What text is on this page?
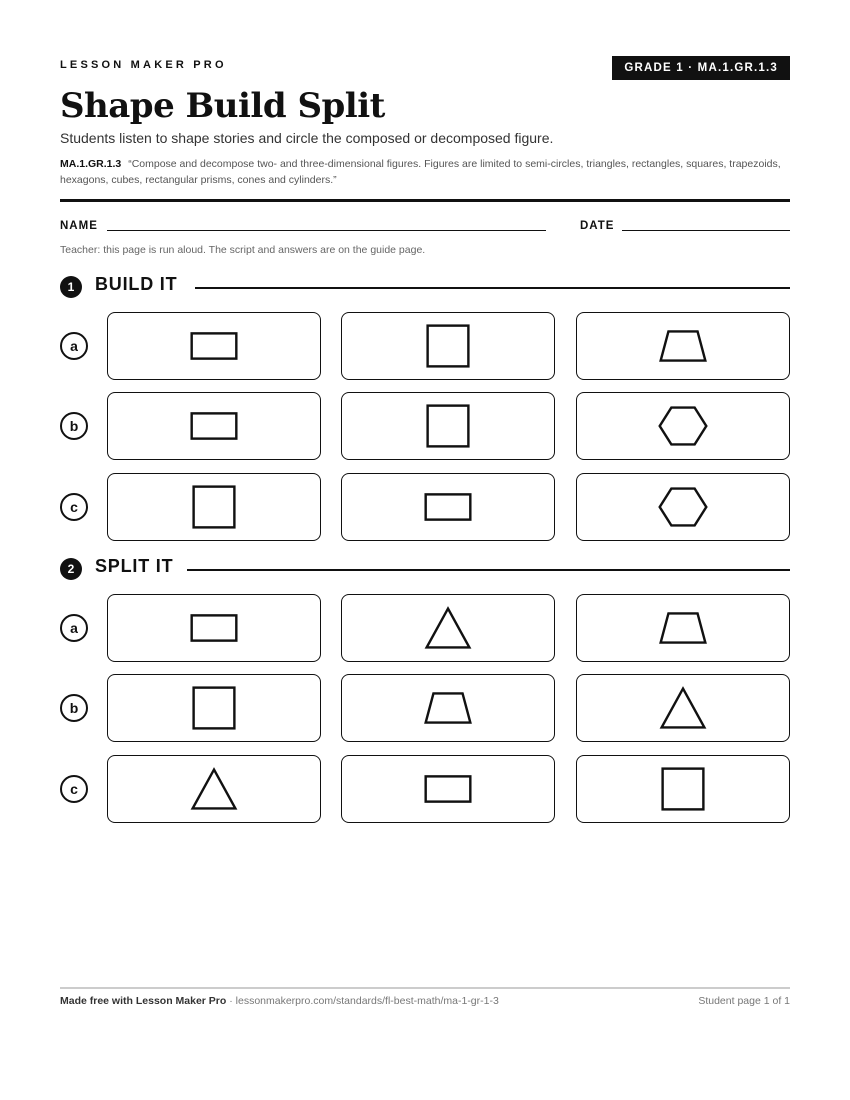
LESSON MAKER PRO	GRADE 1 · MA.1.GR.1.3
Shape Build Split
Students listen to shape stories and circle the composed or decomposed figure.
MA.1.GR.1.3 “Compose and decompose two- and three-dimensional figures. Figures are limited to semi-circles, triangles, rectangles, squares, trapezoids, hexagons, cubes, rectangular prisms, cones and cylinders.”
NAME	DATE
Teacher: this page is run aloud. The script and answers are on the guide page.
1	BUILD IT
a
b
c
2	SPLIT IT
a
b
c
Made free with Lesson Maker Pro · lessonmakerpro.com/standards/fl-best-math/ma-1-gr-1-3	Student page 1 of 1
